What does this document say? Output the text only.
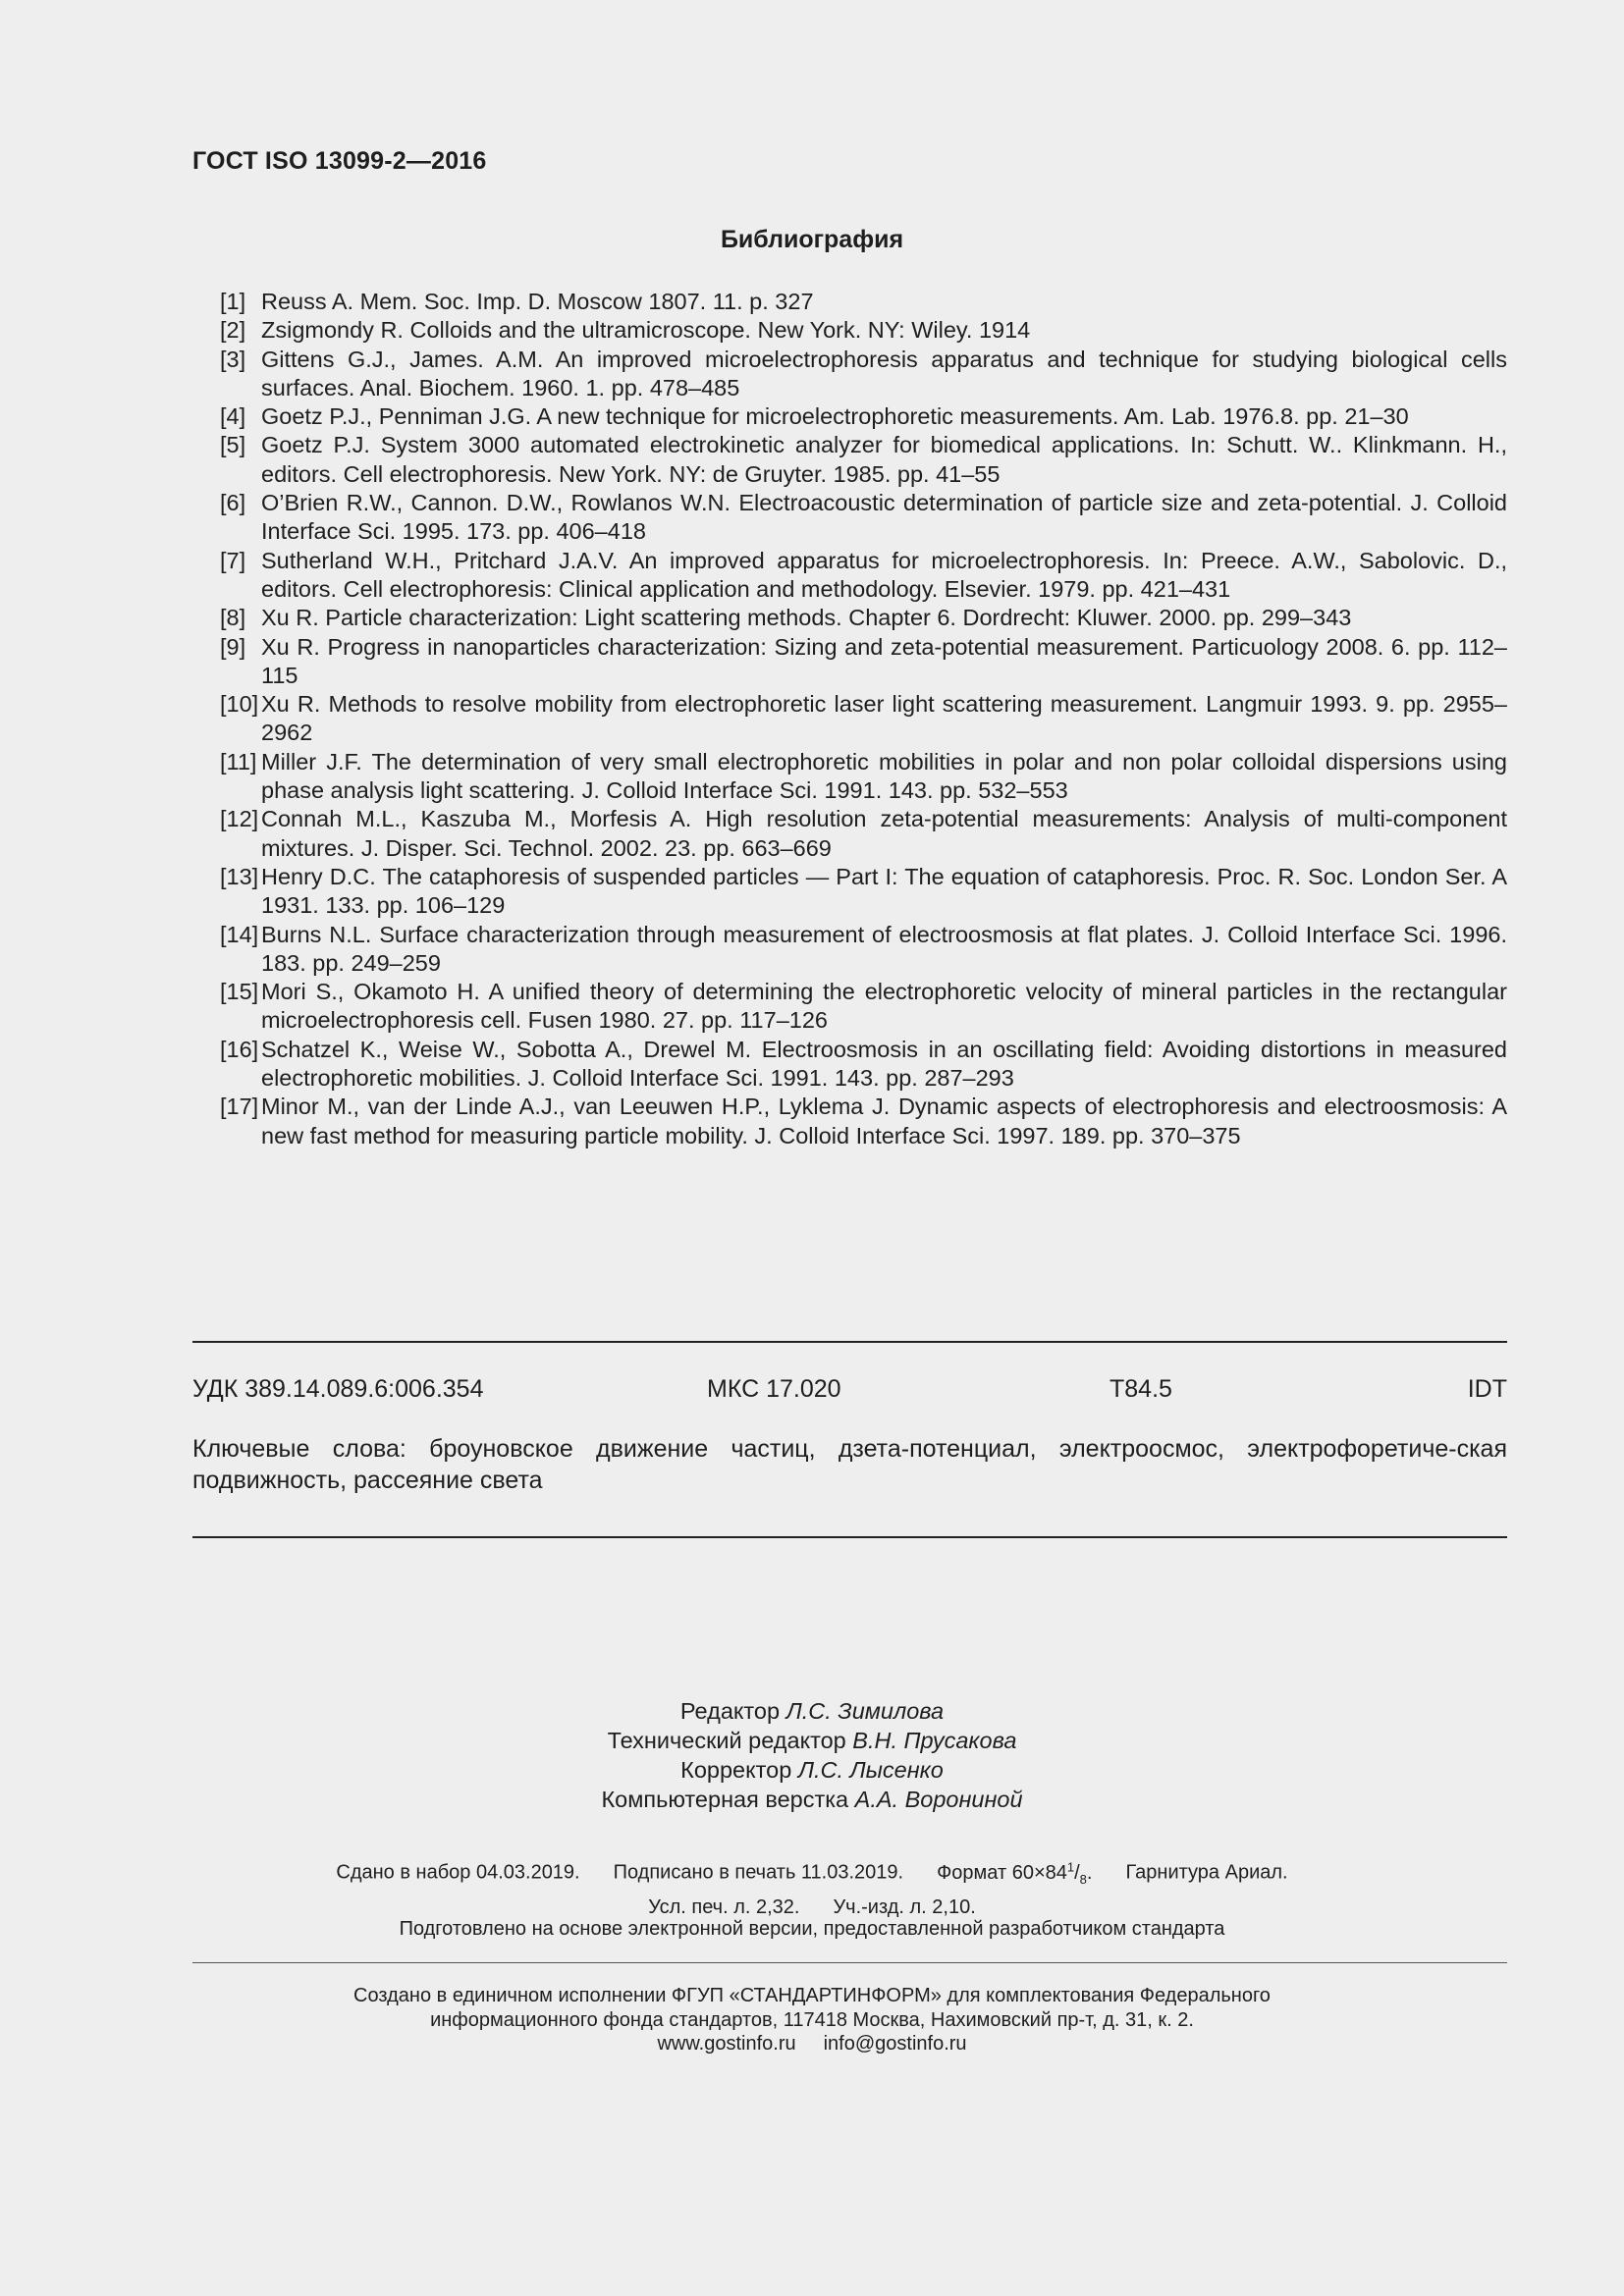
ГОСТ ISO 13099-2—2016
Библиография
[1] Reuss A. Mem. Soc. Imp. D. Moscow 1807. 11. p. 327
[2] Zsigmondy R. Colloids and the ultramicroscope. New York. NY: Wiley. 1914
[3] Gittens G.J., James. A.M. An improved microelectrophoresis apparatus and technique for studying biological cells surfaces. Anal. Biochem. 1960. 1. pp. 478–485
[4] Goetz P.J., Penniman J.G. A new technique for microelectrophoretic measurements. Am. Lab. 1976.8. pp. 21–30
[5] Goetz P.J. System 3000 automated electrokinetic analyzer for biomedical applications. In: Schutt. W.. Klinkmann. H., editors. Cell electrophoresis. New York. NY: de Gruyter. 1985. pp. 41–55
[6] O’Brien R.W., Cannon. D.W., Rowlanos W.N. Electroacoustic determination of particle size and zeta-potential. J. Colloid Interface Sci. 1995. 173. pp. 406–418
[7] Sutherland W.H., Pritchard J.A.V. An improved apparatus for microelectrophoresis. In: Preece. A.W., Sabolovic. D., editors. Cell electrophoresis: Clinical application and methodology. Elsevier. 1979. pp. 421–431
[8] Xu R. Particle characterization: Light scattering methods. Chapter 6. Dordrecht: Kluwer. 2000. pp. 299–343
[9] Xu R. Progress in nanoparticles characterization: Sizing and zeta-potential measurement. Particuology 2008. 6. pp. 112–115
[10] Xu R. Methods to resolve mobility from electrophoretic laser light scattering measurement. Langmuir 1993. 9. pp. 2955–2962
[11] Miller J.F. The determination of very small electrophoretic mobilities in polar and non polar colloidal dispersions using phase analysis light scattering. J. Colloid Interface Sci. 1991. 143. pp. 532–553
[12] Connah M.L., Kaszuba M., Morfesis A. High resolution zeta-potential measurements: Analysis of multi-component mixtures. J. Disper. Sci. Technol. 2002. 23. pp. 663–669
[13] Henry D.C. The cataphoresis of suspended particles — Part I: The equation of cataphoresis. Proc. R. Soc. London Ser. A 1931. 133. pp. 106–129
[14] Burns N.L. Surface characterization through measurement of electroosmosis at flat plates. J. Colloid Interface Sci. 1996. 183. pp. 249–259
[15] Mori S., Okamoto H. A unified theory of determining the electrophoretic velocity of mineral particles in the rectangular microelectrophoresis cell. Fusen 1980. 27. pp. 117–126
[16] Schatzel K., Weise W., Sobotta A., Drewel M. Electroosmosis in an oscillating field: Avoiding distortions in measured electrophoretic mobilities. J. Colloid Interface Sci. 1991. 143. pp. 287–293
[17] Minor M., van der Linde A.J., van Leeuwen H.P., Lyklema J. Dynamic aspects of electrophoresis and electroosmosis: A new fast method for measuring particle mobility. J. Colloid Interface Sci. 1997. 189. pp. 370–375
УДК 389.14.089.6:006.354	МКС 17.020	Т84.5	IDT
Ключевые слова: броуновское движение частиц, дзета-потенциал, электроосмос, электрофоретиче-ская подвижность, рассеяние света
Редактор Л.С. Зимилова
Технический редактор В.Н. Прусакова
Корректор Л.С. Лысенко
Компьютерная верстка А.А. Ворониной
Сдано в набор 04.03.2019. Подписано в печать 11.03.2019. Формат $60\times 84^1/_8$. Гарнитура Ариал.
Усл. печ. л. 2,32. Уч.-изд. л. 2,10.
Подготовлено на основе электронной версии, предоставленной разработчиком стандарта
Создано в единичном исполнении ФГУП «СТАНДАРТИНФОРМ» для комплектования Федерального
информационного фонда стандартов, 117418 Москва, Нахимовский пр-т, д. 31, к. 2.
www.gostinfo.ru info@gostinfo.ru
